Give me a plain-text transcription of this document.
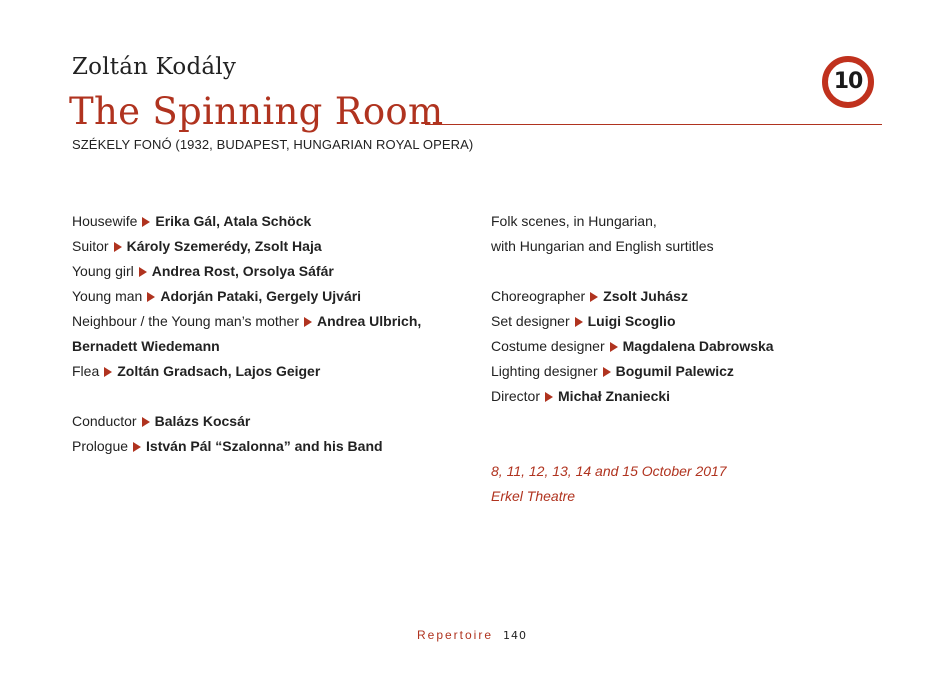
Zoltán Kodály
The Spinning Room
10
SZÉKELY FONÓ (1932, BUDAPEST, HUNGARIAN ROYAL OPERA)
Housewife Erika Gál, Atala Schöck
Suitor Károly Szemerédy, Zsolt Haja
Young girl Andrea Rost, Orsolya Sáfár
Young man Adorján Pataki, Gergely Ujvári
Neighbour / the Young man’s mother Andrea Ulbrich,
Bernadett Wiedemann
Flea Zoltán Gradsach, Lajos Geiger
Conductor Balázs Kocsár
Prologue István Pál “Szalonna” and his Band
Folk scenes, in Hungarian,
with Hungarian and English surtitles
Choreographer Zsolt Juhász
Set designer Luigi Scoglio
Costume designer Magdalena Dabrowska
Lighting designer Bogumil Palewicz
Director Michał Znaniecki
8, 11, 12, 13, 14 and 15 October 2017
Erkel Theatre
Repertoire 140
